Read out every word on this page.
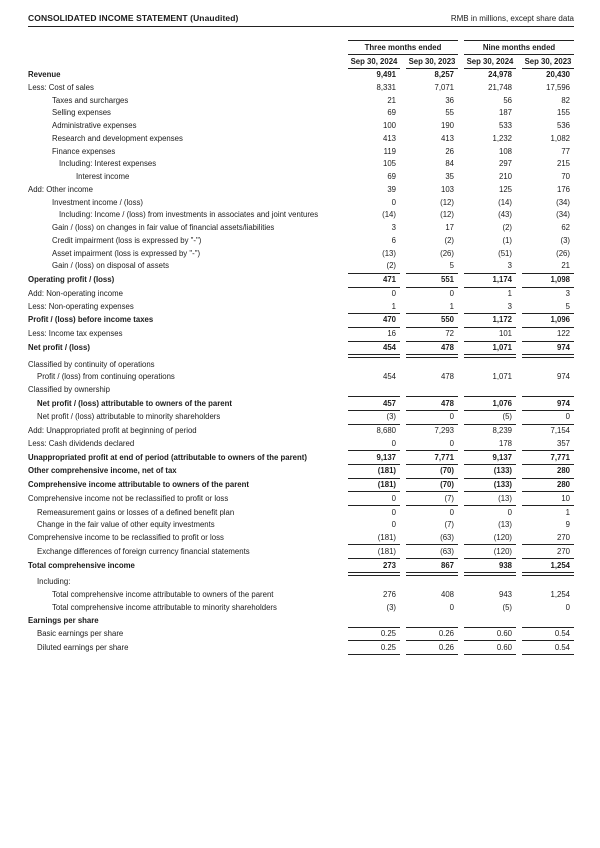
CONSOLIDATED INCOME STATEMENT (Unaudited)	RMB in millions, except share data
Three months ended	Nine months ended
Sep 30, 2024	Sep 30, 2023	Sep 30, 2024	Sep 30, 2023
Revenue	9,491	8,257	24,978	20,430
Less: Cost of sales	8,331	7,071	21,748	17,596
Taxes and surcharges	21	36	56	82
Selling expenses	69	55	187	155
Administrative expenses	100	190	533	536
Research and development expenses	413	413	1,232	1,082
Finance expenses	119	26	108	77
Including: Interest expenses	105	84	297	215
Interest income	69	35	210	70
Add: Other income	39	103	125	176
Investment income / (loss)	0	(12)	(14)	(34)
Including: Income / (loss) from investments in associates and joint ventures	(14)	(12)	(43)	(34)
Gain / (loss) on changes in fair value of financial assets/liabilities	3	17	(2)	62
Credit impairment (loss is expressed by "-")	6	(2)	(1)	(3)
Asset impairment (loss is expressed by "-")	(13)	(26)	(51)	(26)
Gain / (loss) on disposal of assets	(2)	5	3	21
Operating profit / (loss)	471	551	1,174	1,098
Add: Non-operating income	0	0	1	3
Less: Non-operating expenses	1	1	3	5
Profit / (loss) before income taxes	470	550	1,172	1,096
Less: Income tax expenses	16	72	101	122
Net profit / (loss)	454	478	1,071	974
Classified by continuity of operations
Profit / (loss) from continuing operations	454	478	1,071	974
Classified by ownership
Net profit / (loss) attributable to owners of the parent	457	478	1,076	974
Net profit / (loss) attributable to minority shareholders	(3)	0	(5)	0
Add: Unappropriated profit at beginning of period	8,680	7,293	8,239	7,154
Less: Cash dividends declared	0	0	178	357
Unappropriated profit at end of period (attributable to owners of the parent)	9,137	7,771	9,137	7,771
Other comprehensive income, net of tax	(181)	(70)	(133)	280
Comprehensive income attributable to owners of the parent	(181)	(70)	(133)	280
Comprehensive income not be reclassified to profit or loss	0	(7)	(13)	10
Remeasurement gains or losses of a defined benefit plan	0	0	0	1
Change in the fair value of other equity investments	0	(7)	(13)	9
Comprehensive income to be reclassified to profit or loss	(181)	(63)	(120)	270
Exchange differences of foreign currency financial statements	(181)	(63)	(120)	270
Total comprehensive income	273	867	938	1,254
Including:
Total comprehensive income attributable to owners of the parent	276	408	943	1,254
Total comprehensive income attributable to minority shareholders	(3)	0	(5)	0
Earnings per share
Basic earnings per share	0.25	0.26	0.60	0.54
Diluted earnings per share	0.25	0.26	0.60	0.54
